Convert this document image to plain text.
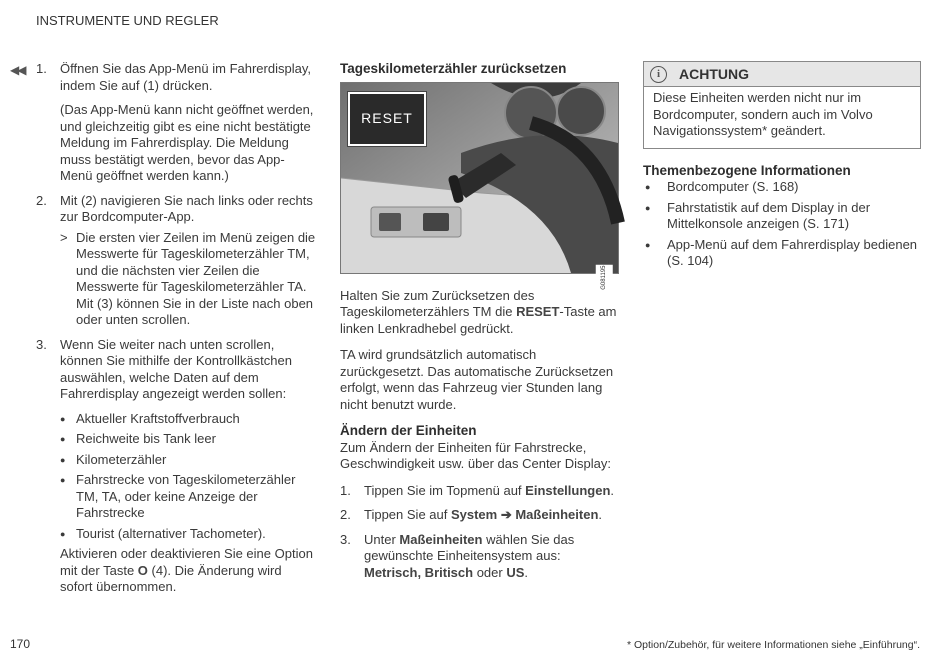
INSTRUMENTE UND REGLER
◀◀ 1. Öffnen Sie das App-Menü im Fahrerdisplay, indem Sie auf (1) drücken.

(Das App-Menü kann nicht geöffnet werden, und gleichzeitig gibt es eine nicht bestätigte Meldung im Fahrerdisplay. Die Meldung muss bestätigt werden, bevor das App-Menü geöffnet werden kann.)

2. Mit (2) navigieren Sie nach links oder rechts zur Bordcomputer-App.

> Die ersten vier Zeilen im Menü zeigen die Messwerte für Tageskilometerzähler TM, und die nächsten vier Zeilen die Messwerte für Tageskilometerzähler TA. Mit (3) können Sie in der Liste nach oben oder unten scrollen.
3. Wenn Sie weiter nach unten scrollen, können Sie mithilfe der Kontrollkästchen auswählen, welche Daten auf dem Fahrerdisplay angezeigt werden sollen:

● Aktueller Kraftstoffverbrauch
● Reichweite bis Tank leer
● Kilometerzähler
● Fahrstrecke von Tageskilometerzähler TM, TA, oder keine Anzeige der Fahrstrecke
● Tourist (alternativer Tachometer).

Aktivieren oder deaktivieren Sie eine Option mit der Taste O (4). Die Änderung wird sofort übernommen.

Tageskilometerzähler zurücksetzen
RESET
G081195

Halten Sie zum Zurücksetzen des Tageskilometerzählers TM die RESET-Taste am linken Lenkradhebel gedrückt.

TA wird grundsätzlich automatisch zurückgesetzt. Das automatische Zurücksetzen erfolgt, wenn das Fahrzeug vier Stunden lang nicht benutzt wurde.

Ändern der Einheiten

Zum Ändern der Einheiten für Fahrstrecke, Geschwindigkeit usw. über das Center Display:

1. Tippen Sie im Topmenü auf Einstellungen.

2. Tippen Sie auf System ➔ Maßeinheiten.

3. Unter Maßeinheiten wählen Sie das gewünschte Einheitensystem aus: Metrisch, Britisch oder US.

i	ACHTUNG
Diese Einheiten werden nicht nur im Bordcomputer, sondern auch im Volvo Navigationssystem* geändert.

Themenbezogene Informationen

● Bordcomputer (S. 168)
● Fahrstatistik auf dem Display in der Mittelkonsole anzeigen (S. 171)
● App-Menü auf dem Fahrerdisplay bedienen (S. 104)
170	* Option/Zubehör, für weitere Informationen siehe „Einführung“.
